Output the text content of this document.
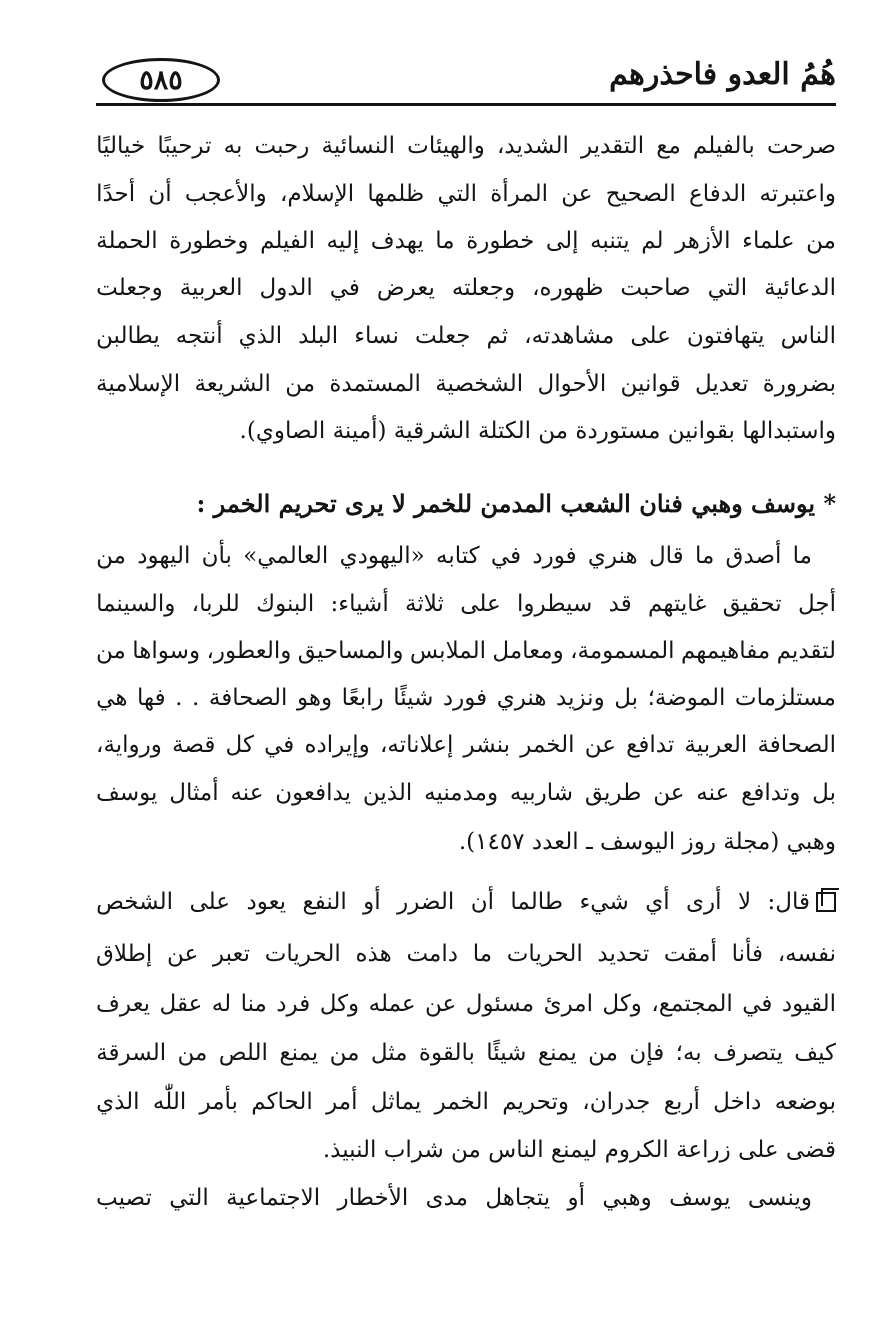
٥٨٥	هُمُ العدو فاحذرهم
صرحت
بالفيلم
مع
التقدير
الشديد،
والهيئات
النسائية
رحبت
به
ترحيبًا
خياليًا
واعتبرته
الدفاع
الصحيح
عن
المرأة
التي
ظلمها
الإسلام،
والأعجب
أن
أحدًا
من
علماء
الأزهر
لم
يتنبه
إلى
خطورة
ما
يهدف
إليه
الفيلم
وخطورة
الحملة
الدعائية
التي
صاحبت
ظهوره،
وجعلته
يعرض
في
الدول
العربية
وجعلت
الناس
يتهافتون
على
مشاهدته،
ثم
جعلت
نساء
البلد
الذي
أنتجه
يطالبن
بضرورة
تعديل
قوانين
الأحوال
الشخصية
المستمدة
من
الشريعة
الإسلامية
واستبدالها بقوانين مستوردة من الكتلة الشرقية (أمينة الصاوي).
* يوسف وهبي فنان الشعب المدمن للخمر لا يرى تحريم الخمر :
ما
أصدق
ما
قال
هنري
فورد
في
كتابه
«اليهودي
العالمي»
بأن
اليهود
من
أجل
تحقيق
غايتهم
قد
سيطروا
على
ثلاثة
أشياء:
البنوك
للربا،
والسينما
لتقديم
مفاهيمهم
المسمومة،
ومعامل
الملابس
والمساحيق
والعطور،
وسواها
من
مستلزمات
الموضة؛
بل
ونزيد
هنري
فورد
شيئًا
رابعًا
وهو
الصحافة
.
.
فها
هي
الصحافة
العربية
تدافع
عن
الخمر
بنشر
إعلاناته،
وإيراده
في
كل
قصة
ورواية،
بل
وتدافع
عنه
عن
طريق
شاربيه
ومدمنيه
الذين
يدافعون
عنه
أمثال
يوسف
وهبي (مجلة روز اليوسف ـ العدد ١٤٥٧).
قال:
لا
أرى
أي
شيء
طالما
أن
الضرر
أو
النفع
يعود
على
الشخص
نفسه،
فأنا
أمقت
تحديد
الحريات
ما
دامت
هذه
الحريات
تعبر
عن
إطلاق
القيود
في
المجتمع،
وكل
امرئ
مسئول
عن
عمله
وكل
فرد
منا
له
عقل
يعرف
كيف
يتصرف
به؛
فإن
من
يمنع
شيئًا
بالقوة
مثل
من
يمنع
اللص
من
السرقة
بوضعه
داخل
أربع
جدران،
وتحريم
الخمر
يماثل
أمر
الحاكم
بأمر
اللّٰه
الذي
قضى على زراعة الكروم ليمنع الناس من شراب النبيذ.
وينسى
يوسف
وهبي
أو
يتجاهل
مدى
الأخطار
الاجتماعية
التي
تصيب
